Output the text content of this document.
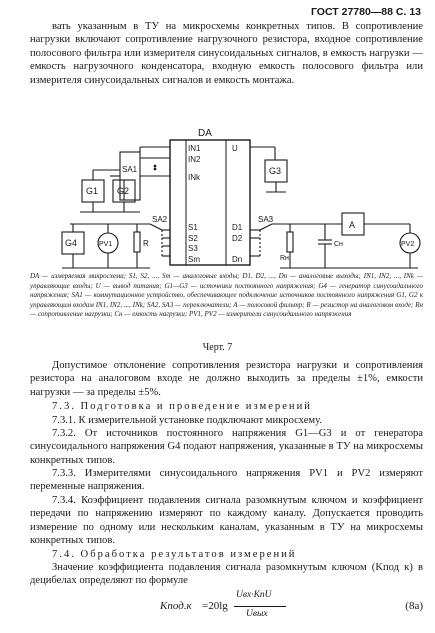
ГОСТ 27780—88 С. 13
вать указанным в ТУ на микросхемы конкретных типов. В сопротивление нагрузки включают сопротивление нагрузочного резистора, входное сопротивление полосового фильтра или измерителя синусоидальных сигналов, в емкость нагрузки — емкость нагрузочного конденсатора, входную емкость полосового фильтра или измерителя синусоидальных сигналов и емкость монтажа.
DA
IN1
IN2
INk
U
S1
S2
S3
Sm
D1
D2
Dn
SA1
G1 G2
G3
SA2
G4	PV1	R
SA3
A
PV2
Rн
Cн
DA — измеряемая микросхема; S1, S2, ..., Sm — аналоговые входы; D1, D2, ..., Dn — аналоговые выходы; IN1, IN2, ..., INk — управляющие входы; U — вывод питания; G1—G3 — источники постоянного напряжения; G4 — генератор синусоидального напряжения; SA1 — коммутационное устройство, обеспечивающее подключение источников постоянного напряжения G1, G2 к управляющим входам IN1, IN2, ..., INk; SA2, SA3 — переключатели; A — полосовой фильтр; R — резистор на аналоговом входе; Rн — сопротивление нагрузки; Cн — емкость нагрузки; PV1, PV2 — измерители синусоидального напряжения
Черт. 7
Допустимое отклонение сопротивления резистора нагрузки и сопротивления резистора на аналоговом входе не должно выходить за пределы ±1%, емкости нагрузки — за пределы ±5%.
7.3. Подготовка и проведение измерений
7.3.1. К измерительной установке подключают микросхему.
7.3.2. От источников постоянного напряжения G1—G3 и от генератора синусоидального напряжения G4 подают напряжения, указанные в ТУ на микросхемы конкретных типов.
7.3.3. Измерителями синусоидального напряжения PV1 и PV2 измеряют переменные напряжения.
7.3.4. Коэффициент подавления сигнала разомкнутым ключом и коэффициент передачи по напряжению измеряют по каждому каналу. Допускается проводить измерение по одному или нескольким каналам, указанным в ТУ на микросхемы конкретных типов.
7.4. Обработка результатов измерений
Значение коэффициента подавления сигнала разомкнутым ключом (Kпод к) в децибелах определяют по формуле
Kпод.к =20lg
Uвх·KпU
Uвых
(8а)
